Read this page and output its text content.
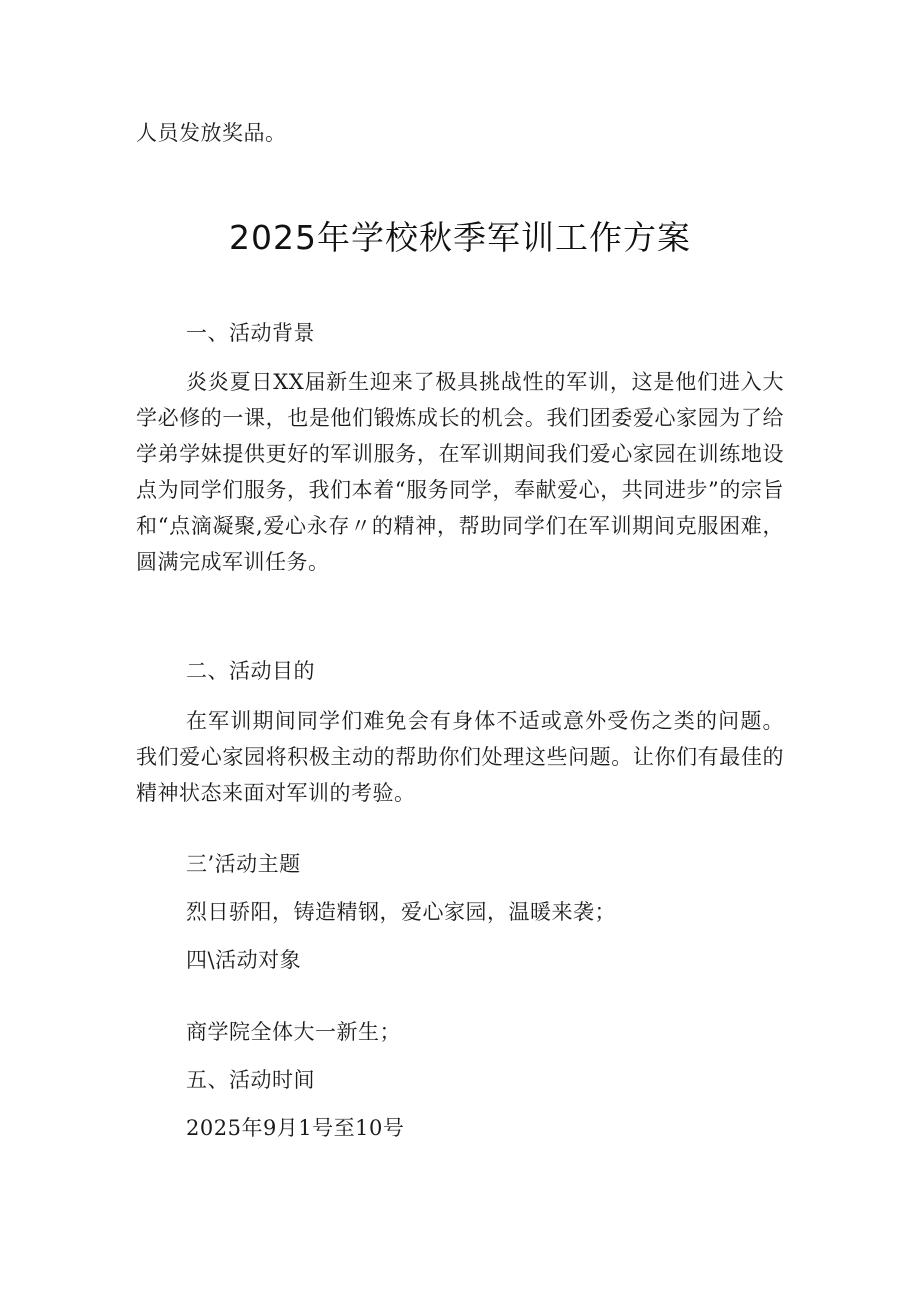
人员发放奖品。
2025年学校秋季军训工作方案
一、活动背景
炎炎夏日XX届新生迎来了极具挑战性的军训，这是他们进入大学必修的一课，也是他们锻炼成长的机会。我们团委爱心家园为了给学弟学妹提供更好的军训服务，在军训期间我们爱心家园在训练地设点为同学们服务，我们本着“服务同学，奉献爱心，共同进步”的宗旨和“点滴凝聚,爱心永存〃的精神，帮助同学们在军训期间克服困难，圆满完成军训任务。
二、活动目的
在军训期间同学们难免会有身体不适或意外受伤之类的问题。我们爱心家园将积极主动的帮助你们处理这些问题。让你们有最佳的精神状态来面对军训的考验。
三’活动主题
烈日骄阳，铸造精钢，爱心家园，温暖来袭；
四\活动对象
商学院全体大一新生；
五、活动时间
2025年9月1号至10号
